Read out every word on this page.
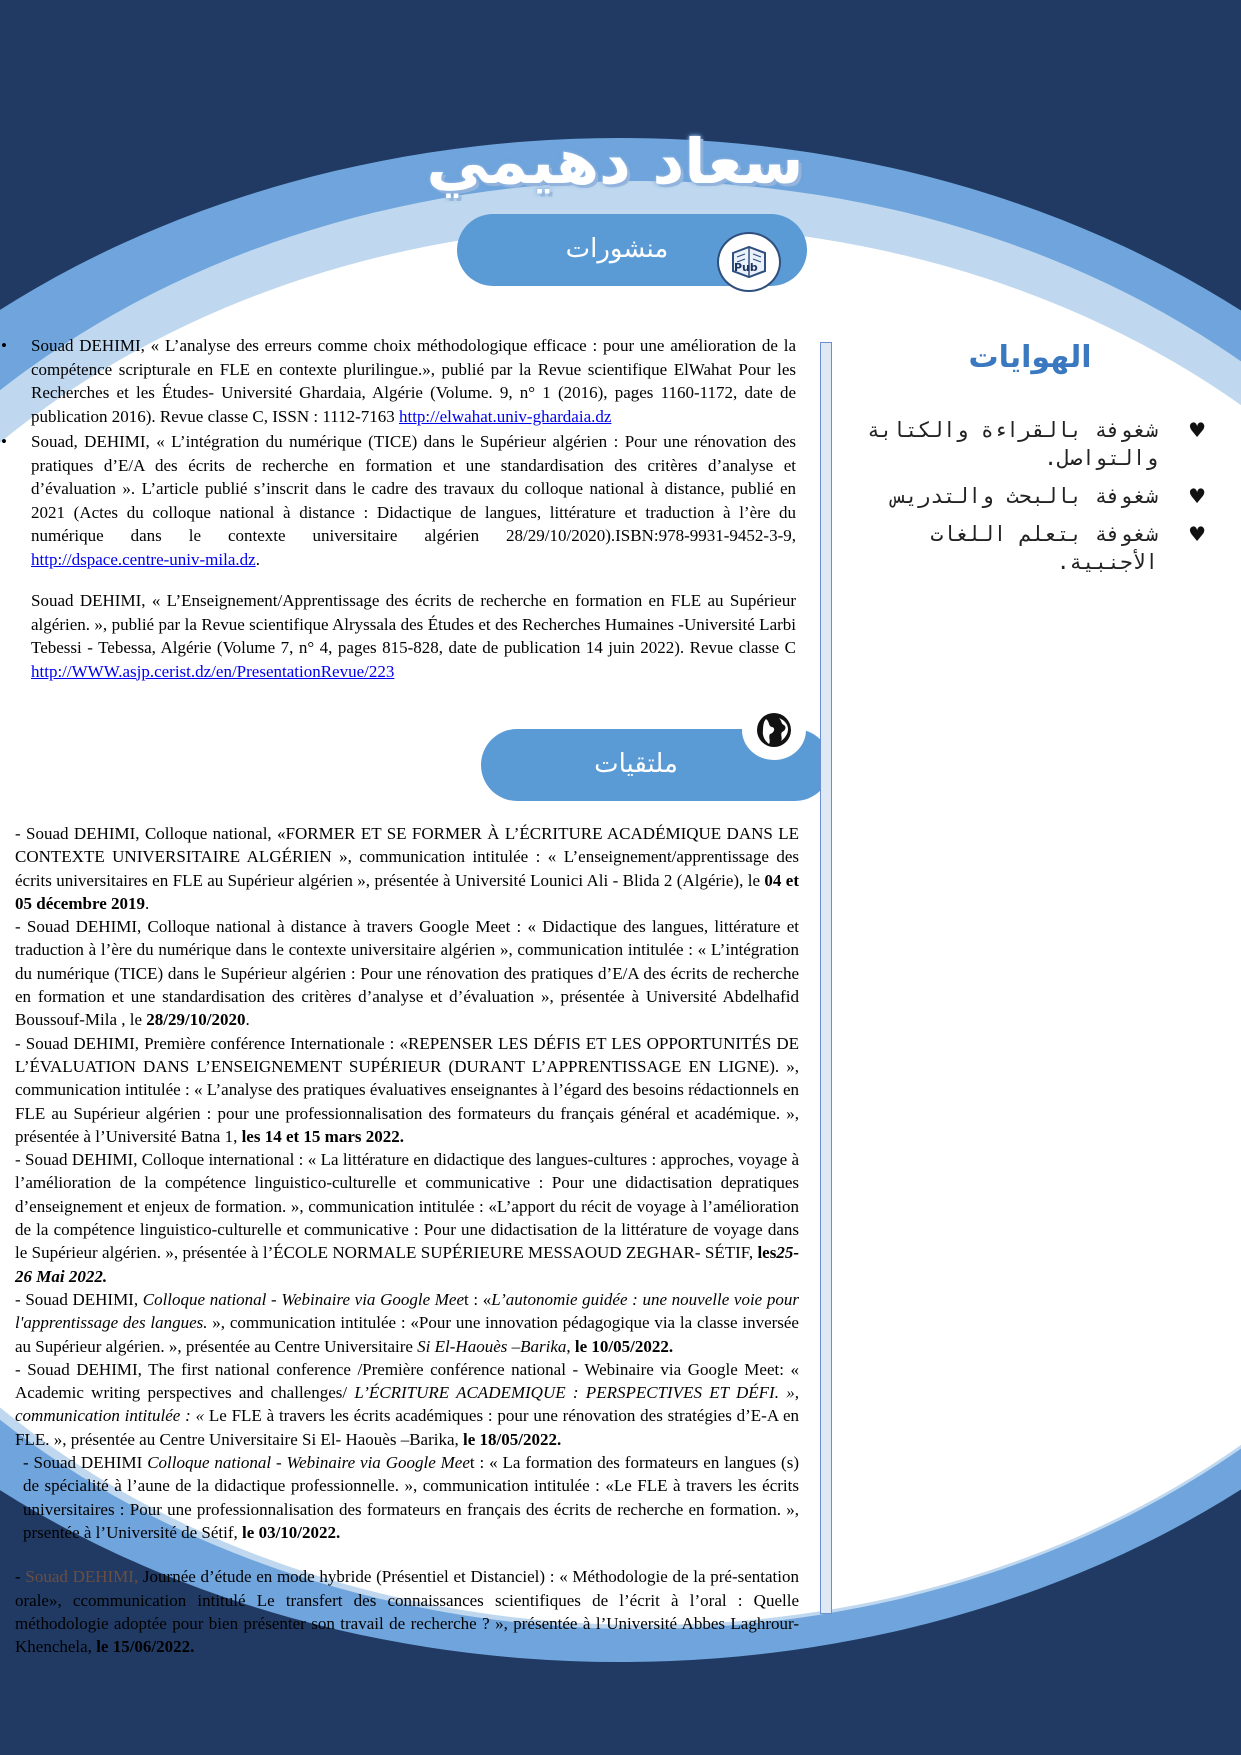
سعاد دهيمي
منشورات
Pub
ملتقيات
الهوايات
♥
شغوفة بالقراءة والكتابة والتواصل.
♥
شغوفة بالبحث والتدريس
♥
شغوفة بتعلم اللغات الأجنبية.

• Souad DEHIMI, « L’analyse des erreurs comme choix méthodologique efficace : pour une amélioration de la compétence scripturale en FLE en contexte plurilingue.», publié par la Revue scientifique ElWahat Pour les Recherches et les Études- Université Ghardaia, Algérie (Volume. 9, n° 1 (2016), pages 1160-1172, date de publication 2016). Revue classe C, ISSN : 1112-7163 http://elwahat.univ-ghardaia.dz

• Souad, DEHIMI, « L’intégration du numérique (TICE) dans le Supérieur algérien : Pour une rénovation des pratiques d’E/A des écrits de recherche en formation et une standardisation des critères d’analyse et d’évaluation ». L’article publié s’inscrit dans le cadre des travaux du colloque national à distance, publié en 2021 (Actes du colloque national à distance : Didactique de langues, littérature et traduction à l’ère du numérique dans le contexte universitaire algérien 28/29/10/2020).ISBN:978-9931-9452-3-9, http://dspace.centre-univ-mila.dz.

Souad DEHIMI, « L’Enseignement/Apprentissage des écrits de recherche en formation en FLE au Supérieur algérien. », publié par la Revue scientifique Alryssala des Études et des Recherches Humaines -Université Larbi Tebessi - Tebessa, Algérie (Volume 7, n° 4, pages 815-828, date de publication 14 juin 2022). Revue classe C http://WWW.asjp.cerist.dz/en/PresentationRevue/223

- Souad DEHIMI, Colloque national, «FORMER ET SE FORMER À L’ÉCRITURE ACADÉMIQUE DANS LE CONTEXTE UNIVERSITAIRE ALGÉRIEN », communication intitulée : « L’enseignement/apprentissage des écrits universitaires en FLE au Supérieur algérien », présentée à Université Lounici Ali - Blida 2 (Algérie), le 04 et 05 décembre 2019.

- Souad DEHIMI, Colloque national à distance à travers Google Meet : « Didactique des langues, littérature et traduction à l’ère du numérique dans le contexte universitaire algérien », communication intitulée : « L’intégration du numérique (TICE) dans le Supérieur algérien : Pour une rénovation des pratiques d’E/A des écrits de recherche en formation et une standardisation des critères d’analyse et d’évaluation », présentée à Université Abdelhafid Boussouf-Mila , le 28/29/10/2020.

- Souad DEHIMI, Première conférence Internationale : «REPENSER LES DÉFIS ET LES OPPORTUNITÉS DE L’ÉVALUATION DANS L’ENSEIGNEMENT SUPÉRIEUR (DURANT L’APPRENTISSAGE EN LIGNE). », communication intitulée : « L’analyse des pratiques évaluatives enseignantes à l’égard des besoins rédactionnels en FLE au Supérieur algérien : pour une professionnalisation des formateurs du français général et académique. », présentée à l’Université Batna 1, les 14 et 15 mars 2022.

- Souad DEHIMI, Colloque international : « La littérature en didactique des langues-cultures : approches, voyage à l’amélioration de la compétence linguistico-culturelle et communicative : Pour une didactisation depratiques d’enseignement et enjeux de formation. », communication intitulée : «L’apport du récit de voyage à l’amélioration de la compétence linguistico-culturelle et communicative : Pour une didactisation de la littérature de voyage dans le Supérieur algérien. », présentée à l’ÉCOLE NORMALE SUPÉRIEURE MESSAOUD ZEGHAR- SÉTIF, les25-26 Mai 2022.

- Souad DEHIMI, Colloque national - Webinaire via Google Meet : «L’autonomie guidée : une nouvelle voie pour l'apprentissage des langues. », communication intitulée : «Pour une innovation pédagogique via la classe inversée au Supérieur algérien. », présentée au Centre Universitaire Si El-Haouès –Barika, le 10/05/2022.

- Souad DEHIMI, The first national conference /Première conférence national - Webinaire via Google Meet: « Academic writing perspectives and challenges/ L’ÉCRITURE ACADEMIQUE : PERSPECTIVES ET DÉFI. », communication intitulée : « Le FLE à travers les écrits académiques : pour une rénovation des stratégies d’E-A en FLE. », présentée au Centre Universitaire Si El- Haouès –Barika, le 18/05/2022.

- Souad DEHIMI Colloque national - Webinaire via Google Meet : « La formation des formateurs en langues (s) de spécialité à l’aune de la didactique professionnelle. », communication intitulée : «Le FLE à travers les écrits universitaires : Pour une professionnalisation des formateurs en français des écrits de recherche en formation. », prsentée à l’Université de Sétif, le 03/10/2022.

- Souad DEHIMI, Journée d’étude en mode hybride (Présentiel et Distanciel) : « Méthodologie de la pré-sentation orale», ccommunication intitulé Le transfert des connaissances scientifiques de l’écrit à l’oral : Quelle méthodologie adoptée pour bien présenter son travail de recherche ? », présentée à l’Université Abbes Laghrour-Khenchela, le 15/06/2022.
